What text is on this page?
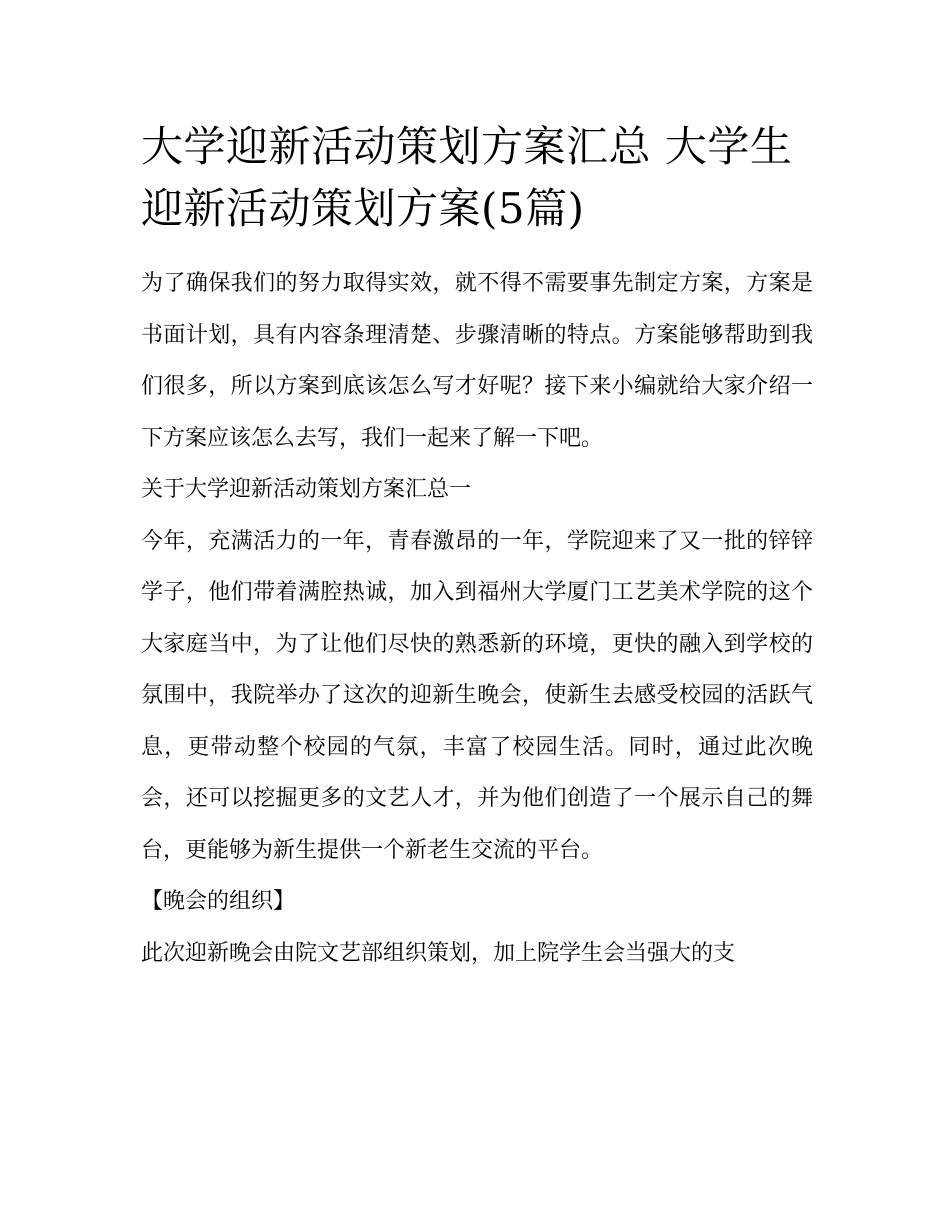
大学迎新活动策划方案汇总 大学生迎新活动策划方案(5篇)

为了确保我们的努力取得实效，就不得不需要事先制定方案，方案是书面计划，具有内容条理清楚、步骤清晰的特点。方案能够帮助到我们很多，所以方案到底该怎么写才好呢？接下来小编就给大家介绍一下方案应该怎么去写，我们一起来了解一下吧。

关于大学迎新活动策划方案汇总一

今年，充满活力的一年，青春激昂的一年，学院迎来了又一批的锌锌学子，他们带着满腔热诚，加入到福州大学厦门工艺美术学院的这个大家庭当中，为了让他们尽快的熟悉新的环境，更快的融入到学校的氛围中，我院举办了这次的迎新生晚会，使新生去感受校园的活跃气息，更带动整个校园的气氛，丰富了校园生活。同时，通过此次晚会，还可以挖掘更多的文艺人才，并为他们创造了一个展示自己的舞台，更能够为新生提供一个新老生交流的平台。

【晚会的组织】

此次迎新晚会由院文艺部组织策划，加上院学生会当强大的支
